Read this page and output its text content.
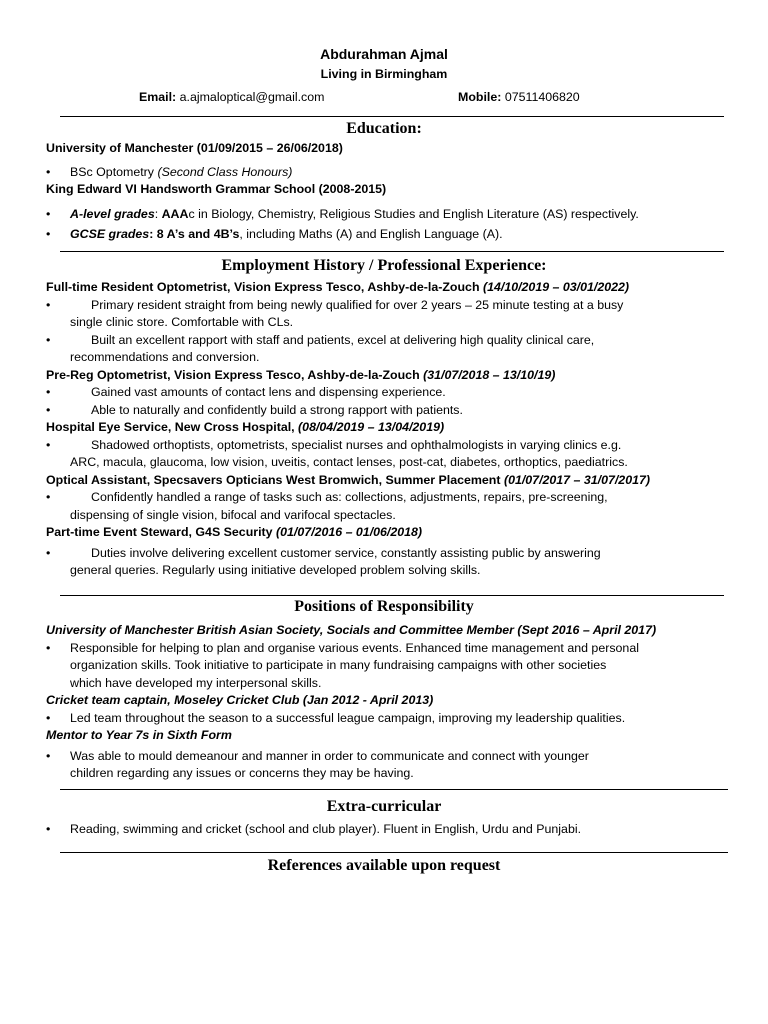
Abdurahman Ajmal
Living in Birmingham
Email: a.ajmaloptical@gmail.com	Mobile: 07511406820
Education:
University of Manchester (01/09/2015 – 26/06/2018)
• BSc Optometry (Second Class Honours)
King Edward VI Handsworth Grammar School (2008-2015)
• A-level grades: AAAc in Biology, Chemistry, Religious Studies and English Literature (AS) respectively.
• GCSE grades: 8 A’s and 4B’s, including Maths (A) and English Language (A).
Employment History / Professional Experience:
Full-time Resident Optometrist, Vision Express Tesco, Ashby-de-la-Zouch (14/10/2019 – 03/01/2022)
• Primary resident straight from being newly qualified for over 2 years – 25 minute testing at a busy
single clinic store. Comfortable with CLs.
• Built an excellent rapport with staff and patients, excel at delivering high quality clinical care,
recommendations and conversion.
Pre-Reg Optometrist, Vision Express Tesco, Ashby-de-la-Zouch (31/07/2018 – 13/10/19)
• Gained vast amounts of contact lens and dispensing experience.
• Able to naturally and confidently build a strong rapport with patients.
Hospital Eye Service, New Cross Hospital, (08/04/2019 – 13/04/2019)
• Shadowed orthoptists, optometrists, specialist nurses and ophthalmologists in varying clinics e.g.
ARC, macula, glaucoma, low vision, uveitis, contact lenses, post-cat, diabetes, orthoptics, paediatrics.
Optical Assistant, Specsavers Opticians West Bromwich, Summer Placement (01/07/2017 – 31/07/2017)
• Confidently handled a range of tasks such as: collections, adjustments, repairs, pre-screening,
dispensing of single vision, bifocal and varifocal spectacles.
Part-time Event Steward, G4S Security (01/07/2016 – 01/06/2018)
• Duties involve delivering excellent customer service, constantly assisting public by answering
general queries. Regularly using initiative developed problem solving skills.
Positions of Responsibility
University of Manchester British Asian Society, Socials and Committee Member (Sept 2016 – April 2017)
• Responsible for helping to plan and organise various events. Enhanced time management and personal
organization skills. Took initiative to participate in many fundraising campaigns with other societies
which have developed my interpersonal skills.
Cricket team captain, Moseley Cricket Club (Jan 2012 - April 2013)
• Led team throughout the season to a successful league campaign, improving my leadership qualities.
Mentor to Year 7s in Sixth Form
• Was able to mould demeanour and manner in order to communicate and connect with younger
children regarding any issues or concerns they may be having.
Extra-curricular
• Reading, swimming and cricket (school and club player). Fluent in English, Urdu and Punjabi.
References available upon request
